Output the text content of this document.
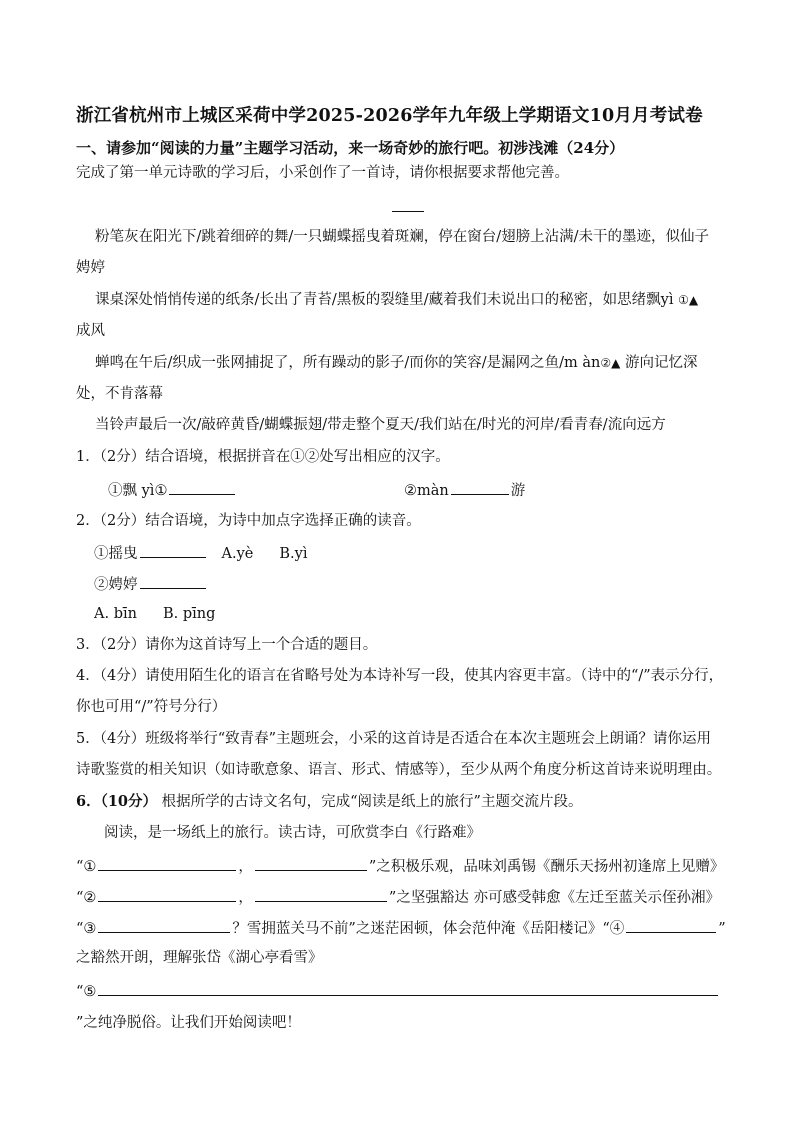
浙江省杭州市上城区采荷中学2025-2026学年九年级上学期语文10月月考试卷
一、请参加“阅读的力量”主题学习活动，来一场奇妙的旅行吧。初涉浅滩（24分）
完成了第一单元诗歌的学习后，小采创作了一首诗，请你根据要求帮他完善。
粉笔灰在阳光下/跳着细碎的舞/一只蝴蝶摇曳着斑斓，停在窗台/翅膀上沾满/未干的墨迹，似仙子
娉婷
课桌深处悄悄传递的纸条/长出了青苔/黑板的裂缝里/藏着我们未说出口的秘密，如思绪飘yì ①▲
成风
蝉鸣在午后/织成一张网捕捉了，所有躁动的影子/而你的笑容/是漏网之鱼/m àn②▲ 游向记忆深
处，不肯落幕
当铃声最后一次/敲碎黄昏/蝴蝶振翅/带走整个夏天/我们站在/时光的河岸/看青春/流向远方
1．（2分）结合语境，根据拼音在①②处写出相应的汉字。
①飘 yì①	②màn	游
2．（2分）结合语境，为诗中加点字选择正确的读音。
①摇曳	A.yè B.yì
②娉婷
A. bīn B. pīng
3．（2分）请你为这首诗写上一个合适的题目。
4．（4分）请使用陌生化的语言在省略号处为本诗补写一段，使其内容更丰富。（诗中的“/”表示分行，
你也可用“/”符号分行）
5．（4分）班级将举行“致青春”主题班会，小采的这首诗是否适合在本次主题班会上朗诵？请你运用
诗歌鉴赏的相关知识（如诗歌意象、语言、形式、情感等），至少从两个角度分析这首诗来说明理由。
6．（10分） 根据所学的古诗文名句，完成“阅读是纸上的旅行”主题交流片段。
阅读，是一场纸上的旅行。读古诗，可欣赏李白《行路难》
“①	，	”之积极乐观，品味刘禹锡《酬乐天扬州初逢席上见赠》
“②	，	”之坚强豁达 亦可感受韩愈《左迁至蓝关示侄孙湘》
“③	？雪拥蓝关马不前”之迷茫困顿，体会范仲淹《岳阳楼记》“④	”
之豁然开朗，理解张岱《湖心亭看雪》
“⑤
”之纯净脱俗。让我们开始阅读吧！
